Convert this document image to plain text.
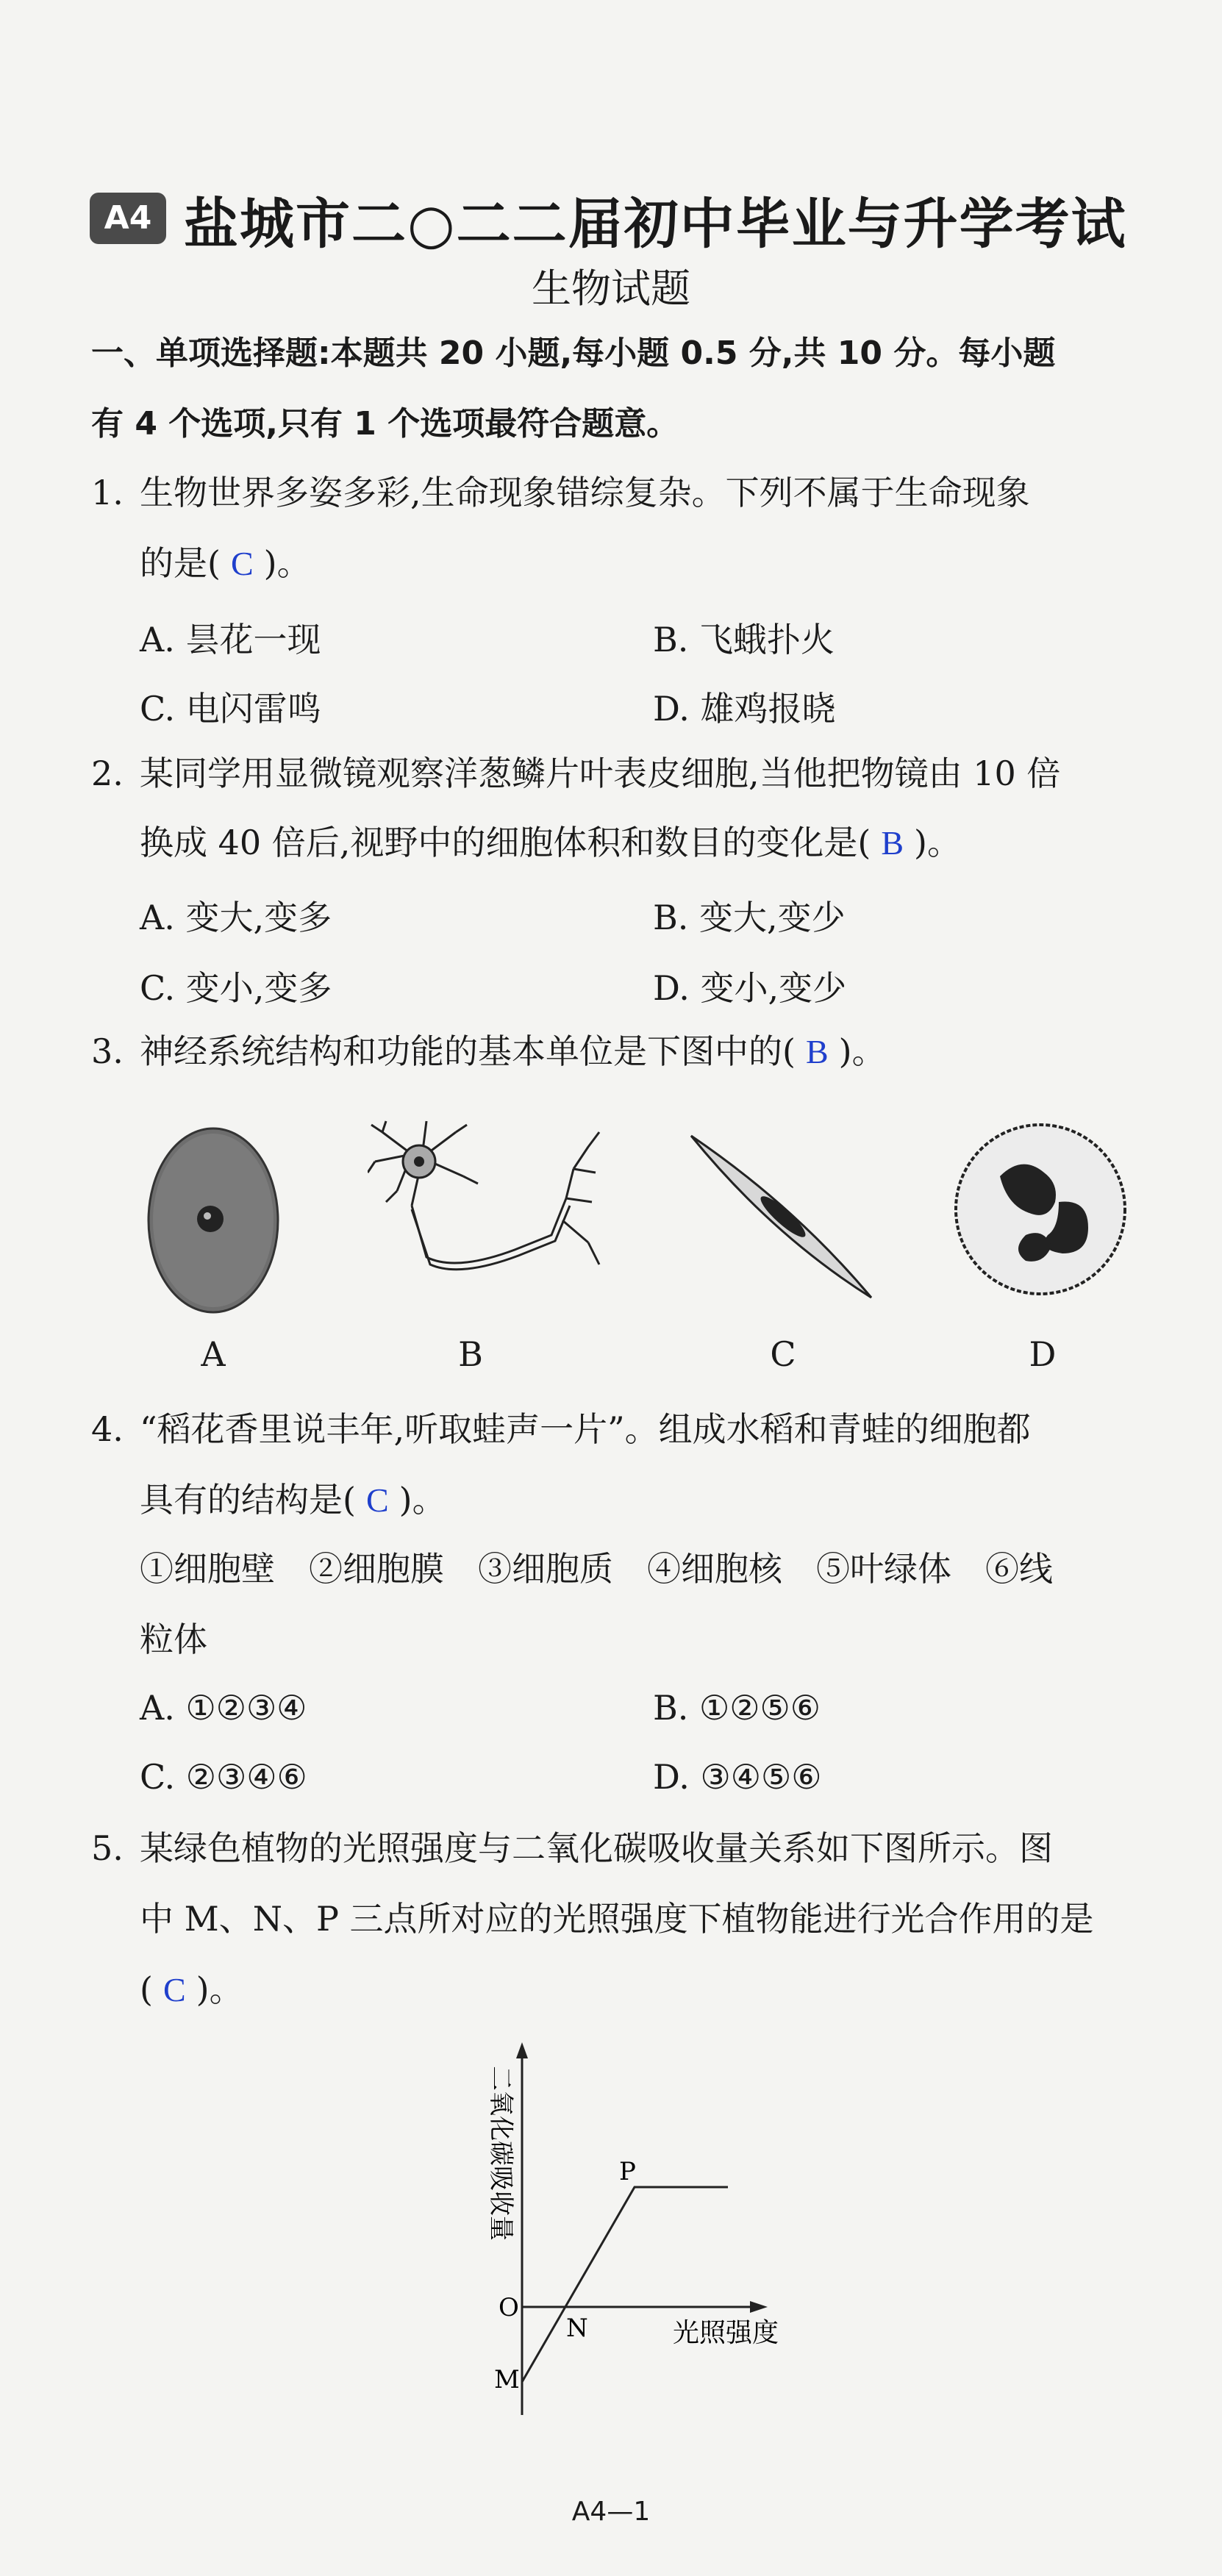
A4 盐城市二○二二届初中毕业与升学考试
生物试题
一、单项选择题:本题共 20 小题,每小题 0.5 分,共 10 分。每小题
有 4 个选项,只有 1 个选项最符合题意。
1. 生物世界多姿多彩,生命现象错综复杂。下列不属于生命现象
的是( C )。
A. 昙花一现	B. 飞蛾扑火
C. 电闪雷鸣	D. 雄鸡报晓
2. 某同学用显微镜观察洋葱鳞片叶表皮细胞,当他把物镜由 10 倍
换成 40 倍后,视野中的细胞体积和数目的变化是( B )。
A. 变大,变多	B. 变大,变少
C. 变小,变多	D. 变小,变少
3. 神经系统结构和功能的基本单位是下图中的( B )。
A	B	C	D
4. “稻花香里说丰年,听取蛙声一片”。组成水稻和青蛙的细胞都
具有的结构是( C )。
①细胞壁　②细胞膜　③细胞质　④细胞核　⑤叶绿体　⑥线
粒体
A. ①②③④	B. ①②⑤⑥
C. ②③④⑥	D. ③④⑤⑥
5. 某绿色植物的光照强度与二氧化碳吸收量关系如下图所示。图
中 M、N、P 三点所对应的光照强度下植物能进行光合作用的是
( C )。
二氧化碳吸收量
光照强度
O
M
N
P
A4—1
